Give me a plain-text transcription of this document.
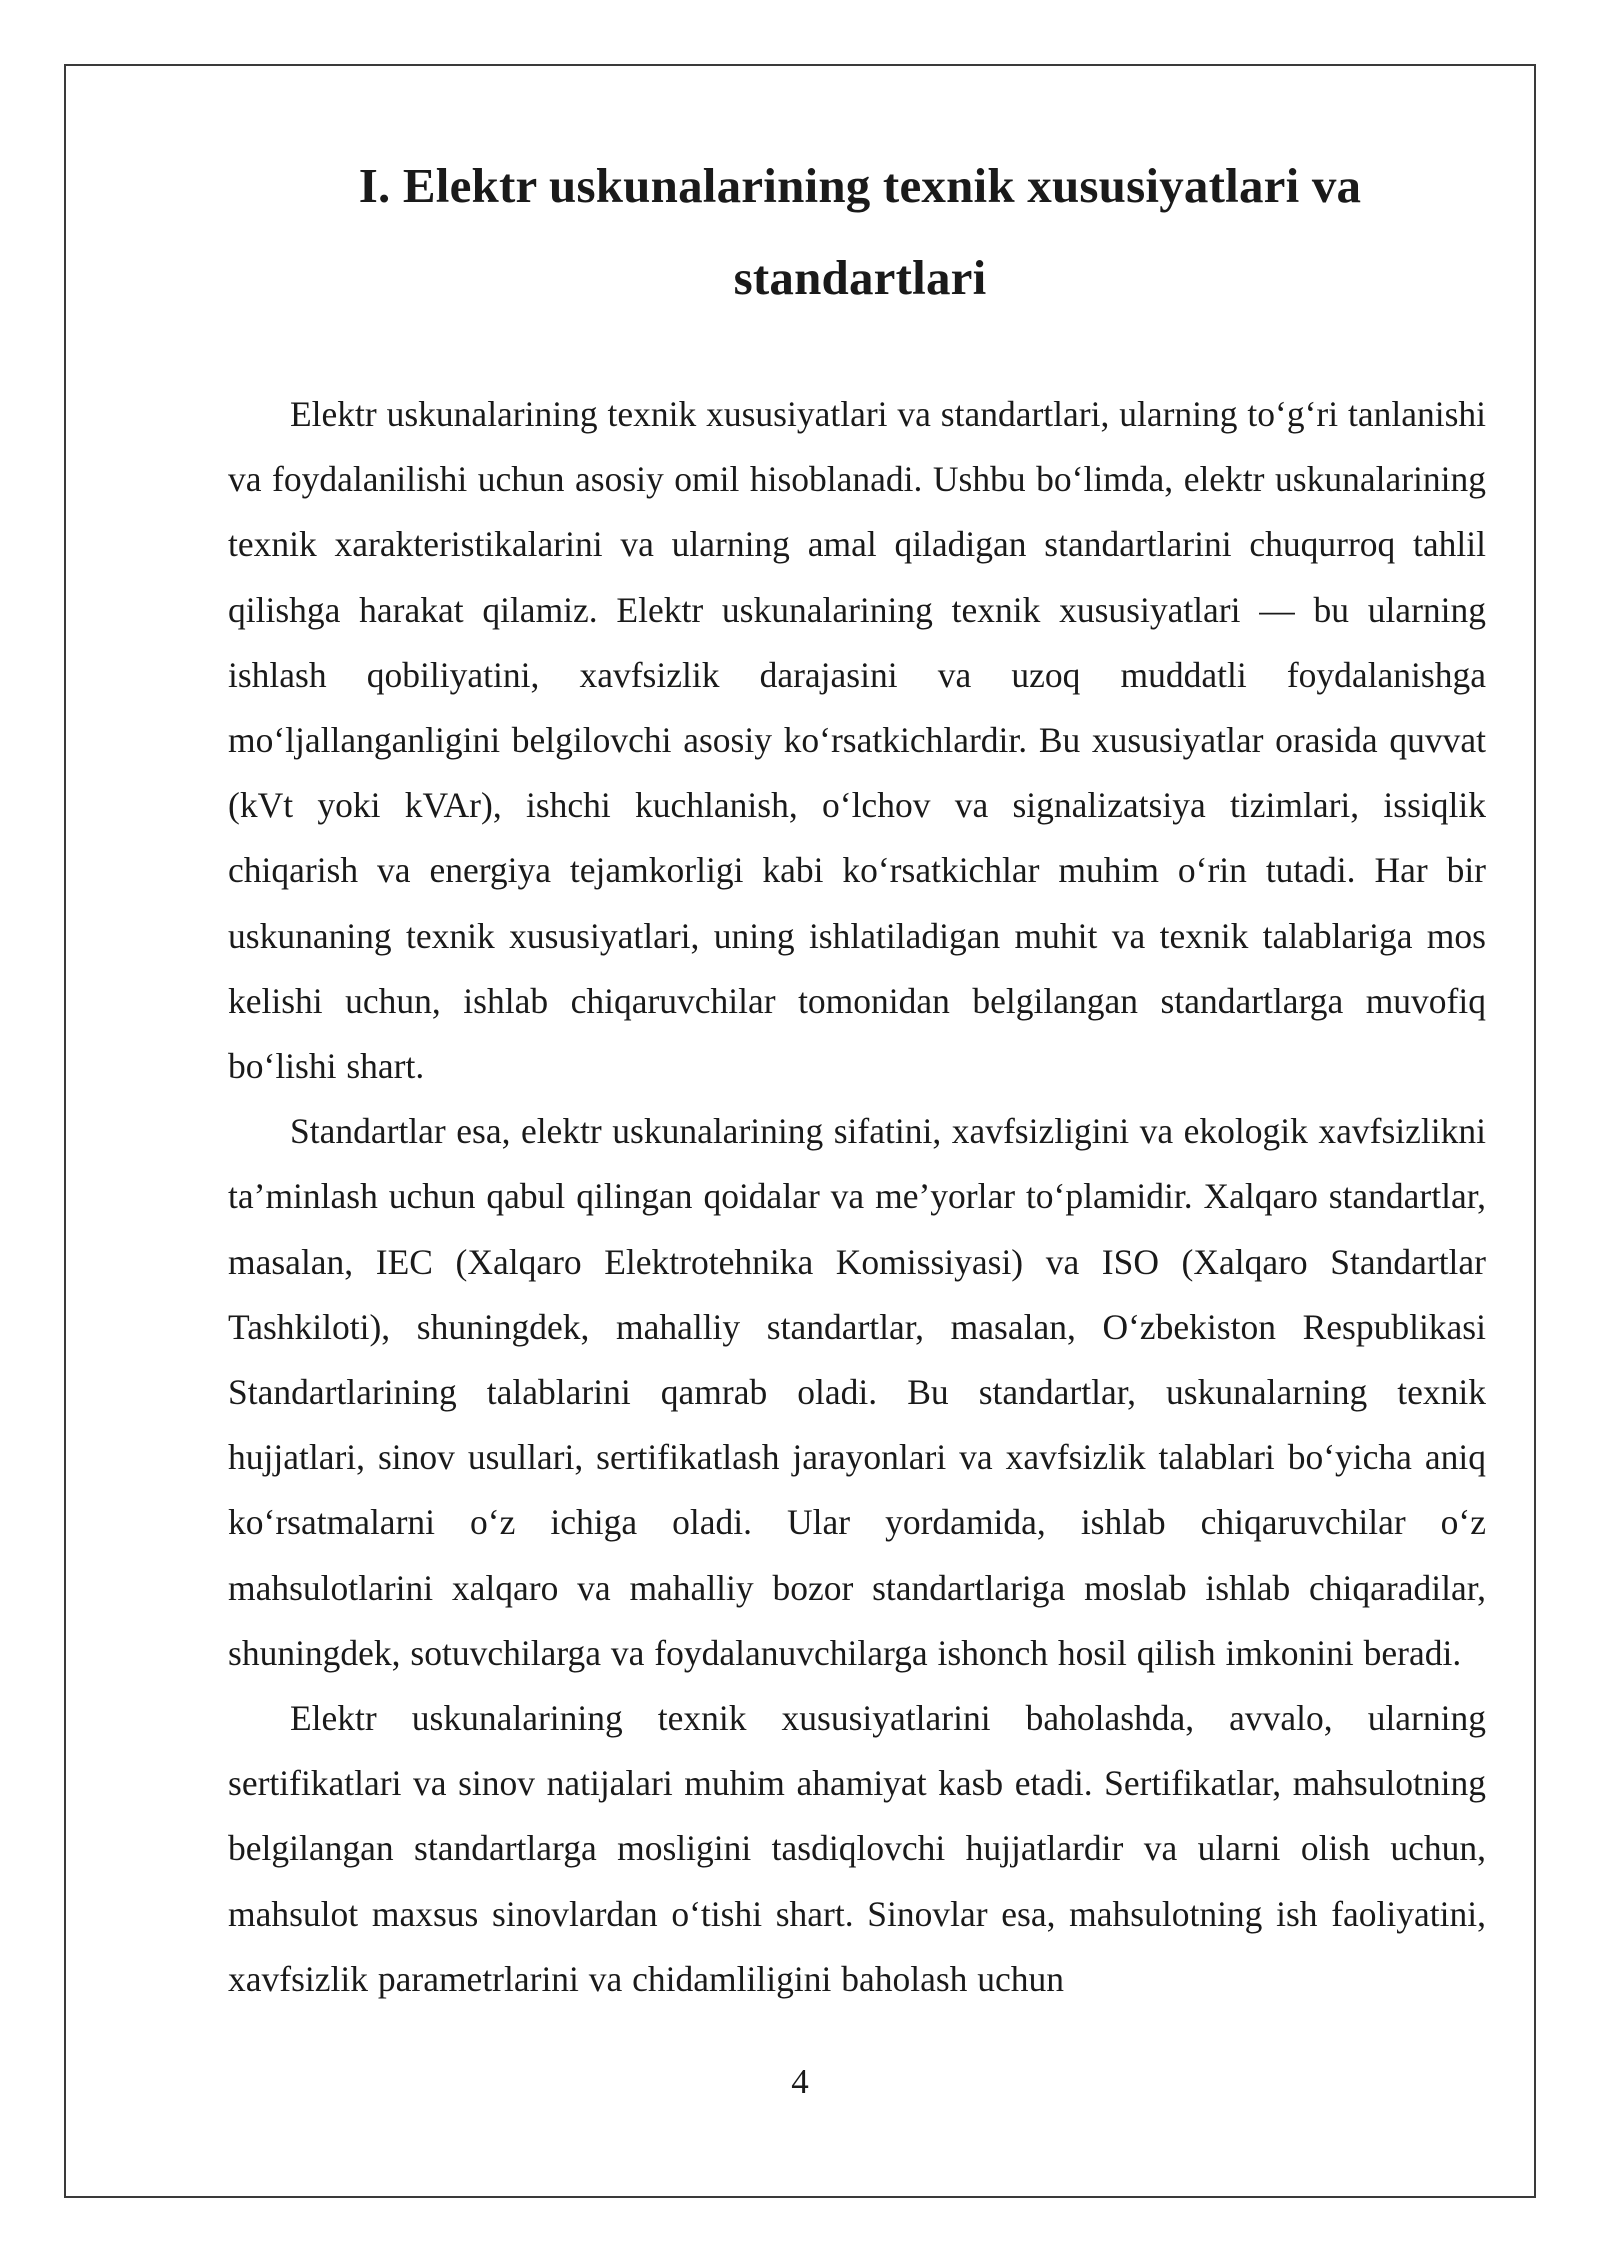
I. Elektr uskunalarining texnik xususiyatlari va standartlari

Elektr uskunalarining texnik xususiyatlari va standartlari, ularning to‘g‘ri tanlanishi va foydalanilishi uchun asosiy omil hisoblanadi. Ushbu bo‘limda, elektr uskunalarining texnik xarakteristikalarini va ularning amal qiladigan standartlarini chuqurroq tahlil qilishga harakat qilamiz. Elektr uskunalarining texnik xususiyatlari — bu ularning ishlash qobiliyatini, xavfsizlik darajasini va uzoq muddatli foydalanishga mo‘ljallanganligini belgilovchi asosiy ko‘rsatkichlardir. Bu xususiyatlar orasida quvvat (kVt yoki kVAr), ishchi kuchlanish, o‘lchov va signalizatsiya tizimlari, issiqlik chiqarish va energiya tejamkorligi kabi ko‘rsatkichlar muhim o‘rin tutadi. Har bir uskunaning texnik xususiyatlari, uning ishlatiladigan muhit va texnik talablariga mos kelishi uchun, ishlab chiqaruvchilar tomonidan belgilangan standartlarga muvofiq bo‘lishi shart.

Standartlar esa, elektr uskunalarining sifatini, xavfsizligini va ekologik xavfsizlikni ta’minlash uchun qabul qilingan qoidalar va me’yorlar to‘plamidir. Xalqaro standartlar, masalan, IEC (Xalqaro Elektrotehnika Komissiyasi) va ISO (Xalqaro Standartlar Tashkiloti), shuningdek, mahalliy standartlar, masalan, O‘zbekiston Respublikasi Standartlarining talablarini qamrab oladi. Bu standartlar, uskunalarning texnik hujjatlari, sinov usullari, sertifikatlash jarayonlari va xavfsizlik talablari bo‘yicha aniq ko‘rsatmalarni o‘z ichiga oladi. Ular yordamida, ishlab chiqaruvchilar o‘z mahsulotlarini xalqaro va mahalliy bozor standartlariga moslab ishlab chiqaradilar, shuningdek, sotuvchilarga va foydalanuvchilarga ishonch hosil qilish imkonini beradi.

Elektr uskunalarining texnik xususiyatlarini baholashda, avvalo, ularning sertifikatlari va sinov natijalari muhim ahamiyat kasb etadi. Sertifikatlar, mahsulotning belgilangan standartlarga mosligini tasdiqlovchi hujjatlardir va ularni olish uchun, mahsulot maxsus sinovlardan o‘tishi shart. Sinovlar esa, mahsulotning ish faoliyatini, xavfsizlik parametrlarini va chidamliligini baholash uchun

4
